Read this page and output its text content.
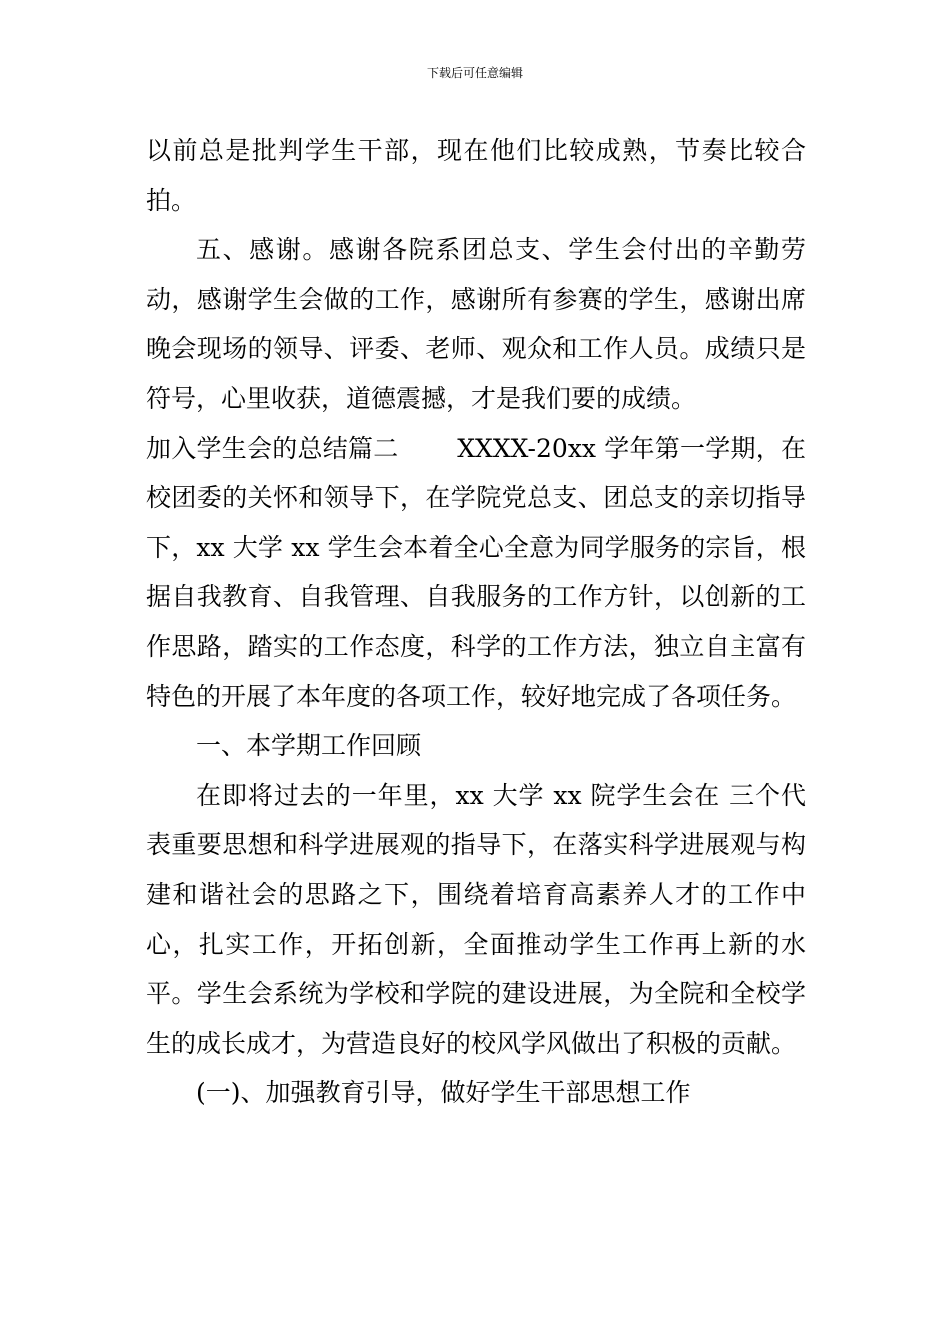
下载后可任意编辑

以前总是批判学生干部，现在他们比较成熟，节奏比较合拍。

五、感谢。感谢各院系团总支、学生会付出的辛勤劳动，感谢学生会做的工作，感谢所有参赛的学生，感谢出席晚会现场的领导、评委、老师、观众和工作人员。成绩只是符号，心里收获，道德震撼，才是我们要的成绩。

加入学生会的总结篇二　　 XXXX-20xx 学年第一学期，在校团委的关怀和领导下，在学院党总支、团总支的亲切指导下，xx 大学 xx 学生会本着全心全意为同学服务的宗旨，根据自我教育、自我管理、自我服务的工作方针，以创新的工作思路，踏实的工作态度，科学的工作方法，独立自主富有特色的开展了本年度的各项工作，较好地完成了各项任务。

一、本学期工作回顾

在即将过去的一年里，xx 大学 xx 院学生会在 三个代表重要思想和科学进展观的指导下，在落实科学进展观与构建和谐社会的思路之下，围绕着培育高素养人才的工作中心，扎实工作，开拓创新，全面推动学生工作再上新的水平。学生会系统为学校和学院的建设进展，为全院和全校学生的成长成才，为营造良好的校风学风做出了积极的贡献。

(一)、加强教育引导，做好学生干部思想工作
